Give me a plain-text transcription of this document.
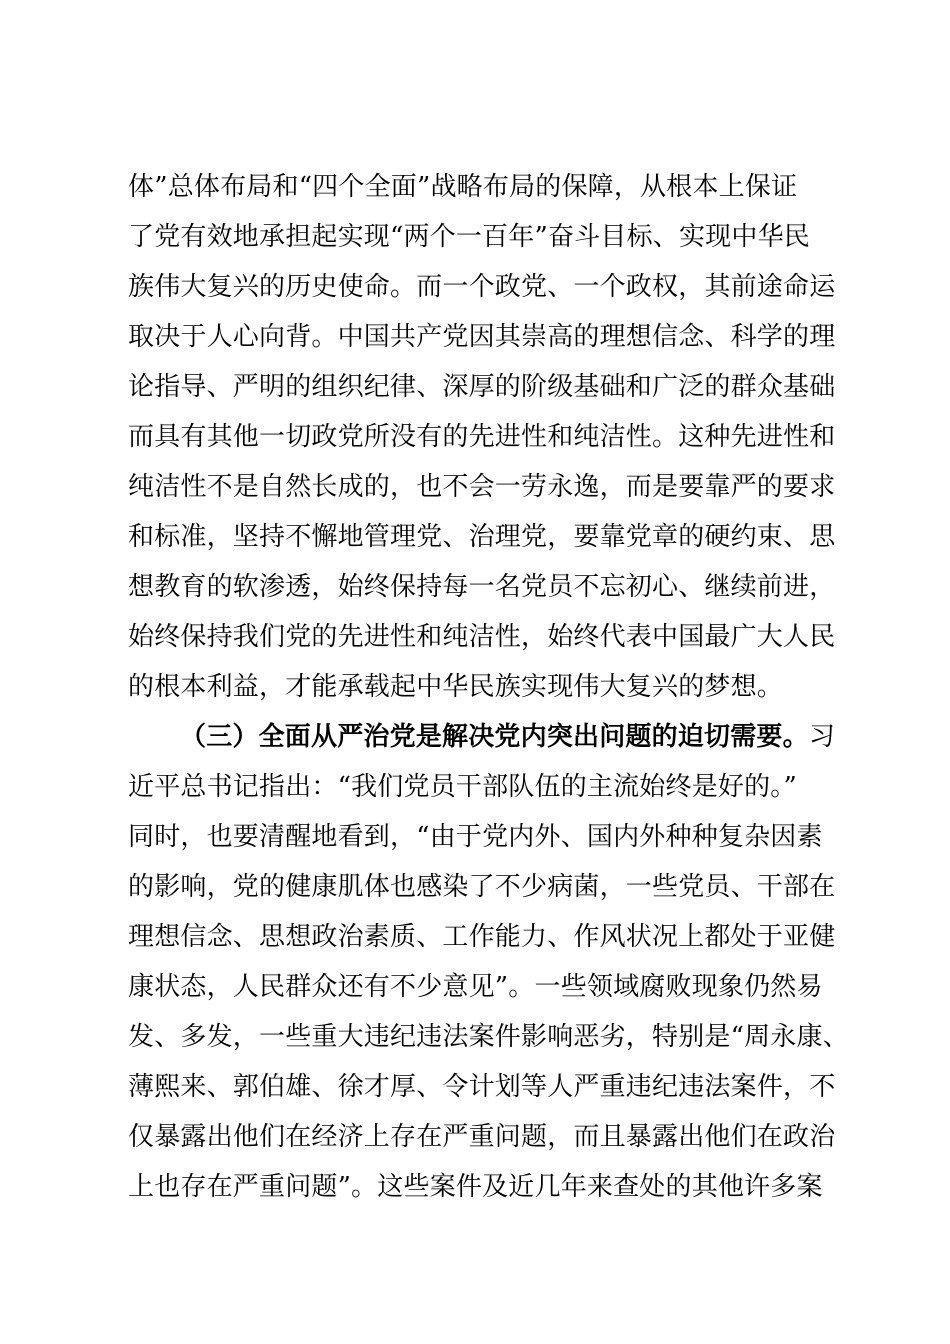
体”总体布局和“四个全面”战略布局的保障，从根本上保证
了党有效地承担起实现“两个一百年”奋斗目标、实现中华民
族伟大复兴的历史使命。而一个政党、一个政权，其前途命运
取决于人心向背。中国共产党因其崇高的理想信念、科学的理
论指导、严明的组织纪律、深厚的阶级基础和广泛的群众基础
而具有其他一切政党所没有的先进性和纯洁性。这种先进性和
纯洁性不是自然长成的，也不会一劳永逸，而是要靠严的要求
和标准，坚持不懈地管理党、治理党，要靠党章的硬约束、思
想教育的软渗透，始终保持每一名党员不忘初心、继续前进，
始终保持我们党的先进性和纯洁性，始终代表中国最广大人民
的根本利益，才能承载起中华民族实现伟大复兴的梦想。
（三）全面从严治党是解决党内突出问题的迫切需要。习
近平总书记指出：“我们党员干部队伍的主流始终是好的。”
同时，也要清醒地看到，“由于党内外、国内外种种复杂因素
的影响，党的健康肌体也感染了不少病菌，一些党员、干部在
理想信念、思想政治素质、工作能力、作风状况上都处于亚健
康状态，人民群众还有不少意见”。一些领域腐败现象仍然易
发、多发，一些重大违纪违法案件影响恶劣，特别是“周永康、
薄熙来、郭伯雄、徐才厚、令计划等人严重违纪违法案件，不
仅暴露出他们在经济上存在严重问题，而且暴露出他们在政治
上也存在严重问题”。这些案件及近几年来查处的其他许多案
